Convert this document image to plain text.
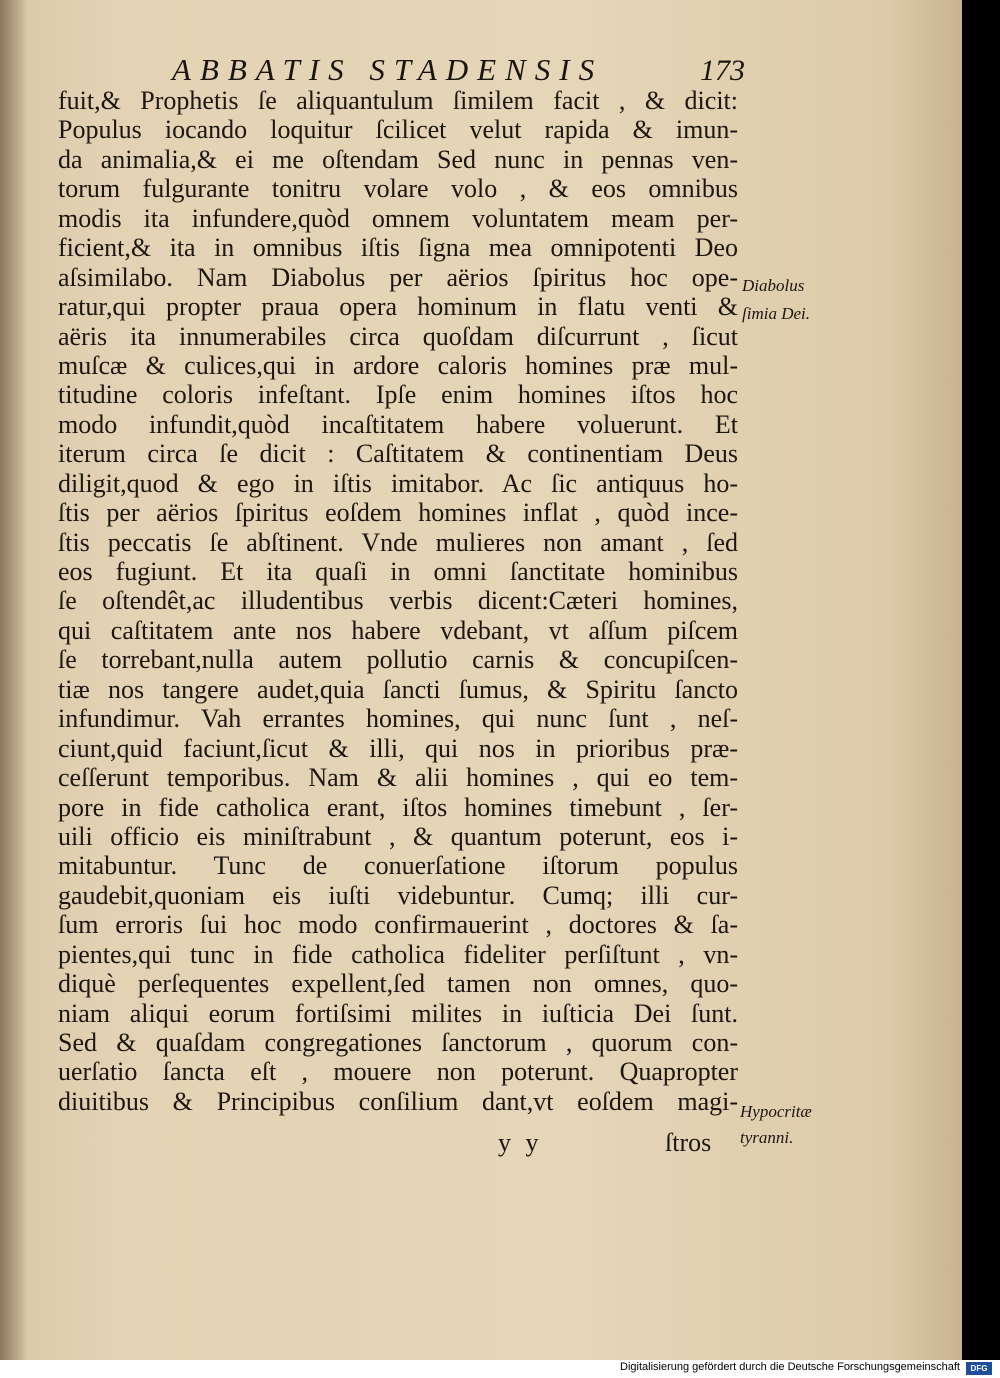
ABBATIS STADENSIS	173
fuit,& Prophetis ſe aliquantulum ſimilem facit , & dicit:
Populus iocando loquitur ſcilicet velut rapida & imun-
da animalia,& ei me oſtendam Sed nunc in pennas ven-
torum fulgurante tonitru volare volo , & eos omnibus
modis ita infundere,quòd omnem voluntatem meam per-
ficient,& ita in omnibus iſtis ſigna mea omnipotenti Deo
aſsimilabo. Nam Diabolus per aërios ſpiritus hoc ope-
ratur,qui propter praua opera hominum in flatu venti &
aëris ita innumerabiles circa quoſdam diſcurrunt , ſicut
muſcæ & culices,qui in ardore caloris homines præ mul-
titudine coloris infeſtant. Ipſe enim homines iſtos hoc
modo infundit,quòd incaſtitatem habere voluerunt. Et
iterum circa ſe dicit : Caſtitatem & continentiam Deus
diligit,quod & ego in iſtis imitabor. Ac ſic antiquus ho-
ſtis per aërios ſpiritus eoſdem homines inflat , quòd ince-
ſtis peccatis ſe abſtinent. Vnde mulieres non amant , ſed
eos fugiunt. Et ita quaſi in omni ſanctitate hominibus
ſe oſtendêt,ac illudentibus verbis dicent:Cæteri homines,
qui caſtitatem ante nos habere vdebant, vt aſſum piſcem
ſe torrebant,nulla autem pollutio carnis & concupiſcen-
tiæ nos tangere audet,quia ſancti ſumus, & Spiritu ſancto
infundimur. Vah errantes homines, qui nunc ſunt , neſ-
ciunt,quid faciunt,ſicut & illi, qui nos in prioribus præ-
ceſſerunt temporibus. Nam & alii homines , qui eo tem-
pore in fide catholica erant, iſtos homines timebunt , ſer-
uili officio eis miniſtrabunt , & quantum poterunt, eos i-
mitabuntur. Tunc de conuerſatione iſtorum populus
gaudebit,quoniam eis iuſti videbuntur. Cumq; illi cur-
ſum erroris ſui hoc modo confirmauerint , doctores & ſa-
pientes,qui tunc in fide catholica fideliter perſiſtunt , vn-
diquè perſequentes expellent,ſed tamen non omnes, quo-
niam aliqui eorum fortiſsimi milites in iuſticia Dei ſunt.
Sed & quaſdam congregationes ſanctorum , quorum con-
uerſatio ſancta eſt , mouere non poterunt. Quapropter
diuitibus & Principibus conſilium dant,vt eoſdem magi-
y y	ſtros
Diabolus
ſimia Dei.
Hypocritæ
tyranni.
Digitalisierung gefördert durch die Deutsche Forschungsgemeinschaft	DFG
